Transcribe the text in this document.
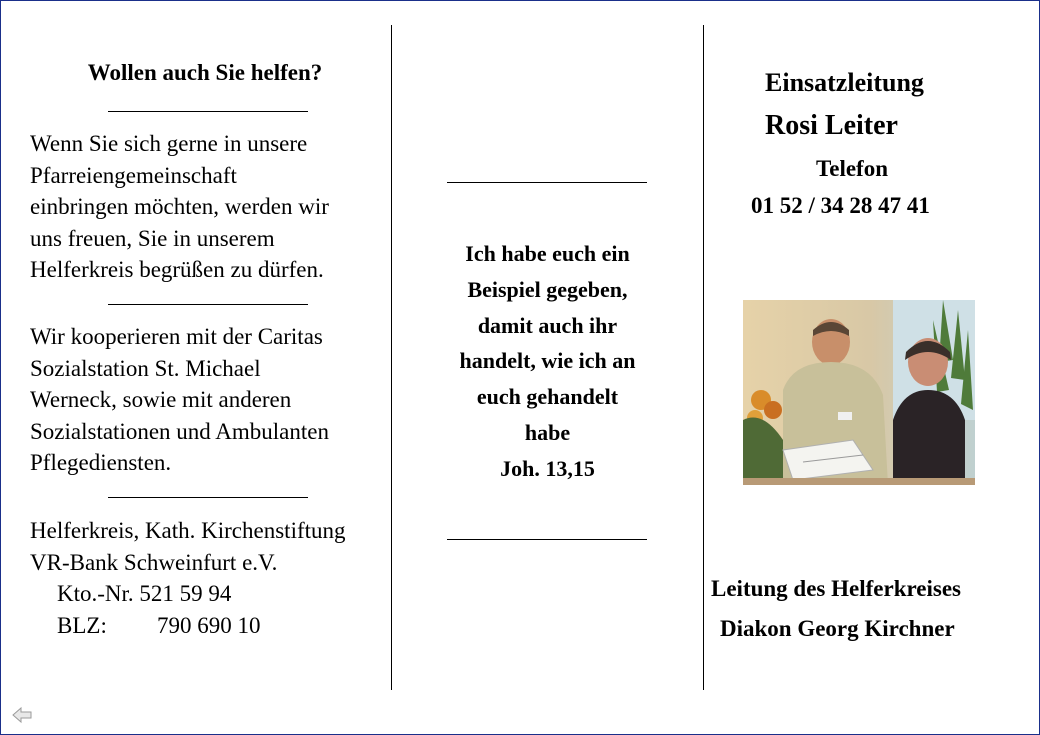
Wollen auch Sie helfen?
Wenn Sie sich gerne in unsere
Pfarreiengemeinschaft
einbringen möchten, werden wir
uns freuen, Sie in unserem
Helferkreis begrüßen zu dürfen.
Wir kooperieren mit der Caritas
Sozialstation St. Michael
Werneck, sowie mit anderen
Sozialstationen und Ambulanten
Pflegediensten.
Helferkreis, Kath. Kirchenstiftung
VR-Bank Schweinfurt e.V.
Kto.-Nr. 521 59 94
BLZ: 790 690 10
Ich habe euch ein
Beispiel gegeben,
damit auch ihr
handelt, wie ich an
euch gehandelt
habe
Joh. 13,15
Einsatzleitung
Rosi Leiter
Telefon
01 52 / 34 28 47 41
Leitung des Helferkreises
Diakon Georg Kirchner
